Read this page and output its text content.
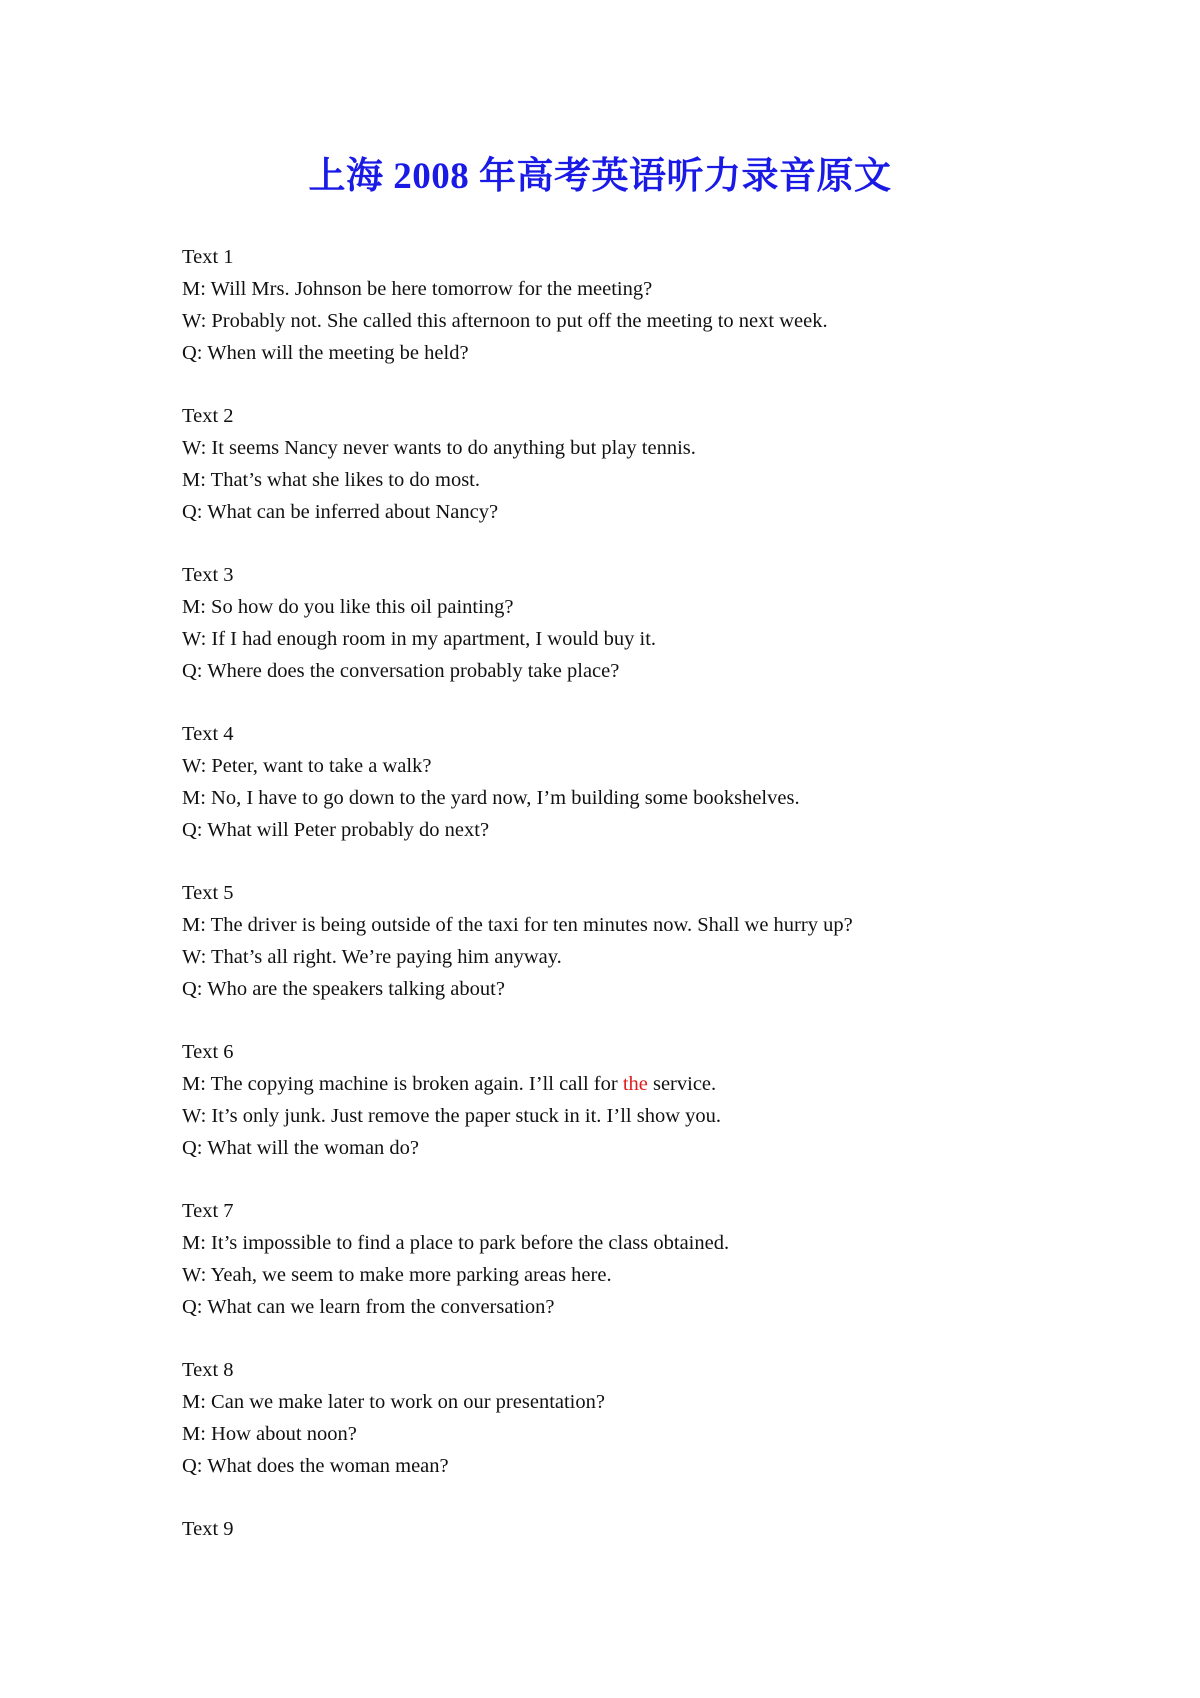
上海 2008 年高考英语听力录音原文
Text 1
M: Will Mrs. Johnson be here tomorrow for the meeting?
W: Probably not. She called this afternoon to put off the meeting to next week.
Q: When will the meeting be held?
Text 2
W: It seems Nancy never wants to do anything but play tennis.
M: That’s what she likes to do most.
Q: What can be inferred about Nancy?
Text 3
M: So how do you like this oil painting?
W: If I had enough room in my apartment, I would buy it.
Q: Where does the conversation probably take place?
Text 4
W: Peter, want to take a walk?
M: No, I have to go down to the yard now, I’m building some bookshelves.
Q: What will Peter probably do next?
Text 5
M: The driver is being outside of the taxi for ten minutes now. Shall we hurry up?
W: That’s all right. We’re paying him anyway.
Q: Who are the speakers talking about?
Text 6
M: The copying machine is broken again. I’ll call for the service.
W: It’s only junk. Just remove the paper stuck in it. I’ll show you.
Q: What will the woman do?
Text 7
M: It’s impossible to find a place to park before the class obtained.
W: Yeah, we seem to make more parking areas here.
Q: What can we learn from the conversation?
Text 8
M: Can we make later to work on our presentation?
M: How about noon?
Q: What does the woman mean?
Text 9
